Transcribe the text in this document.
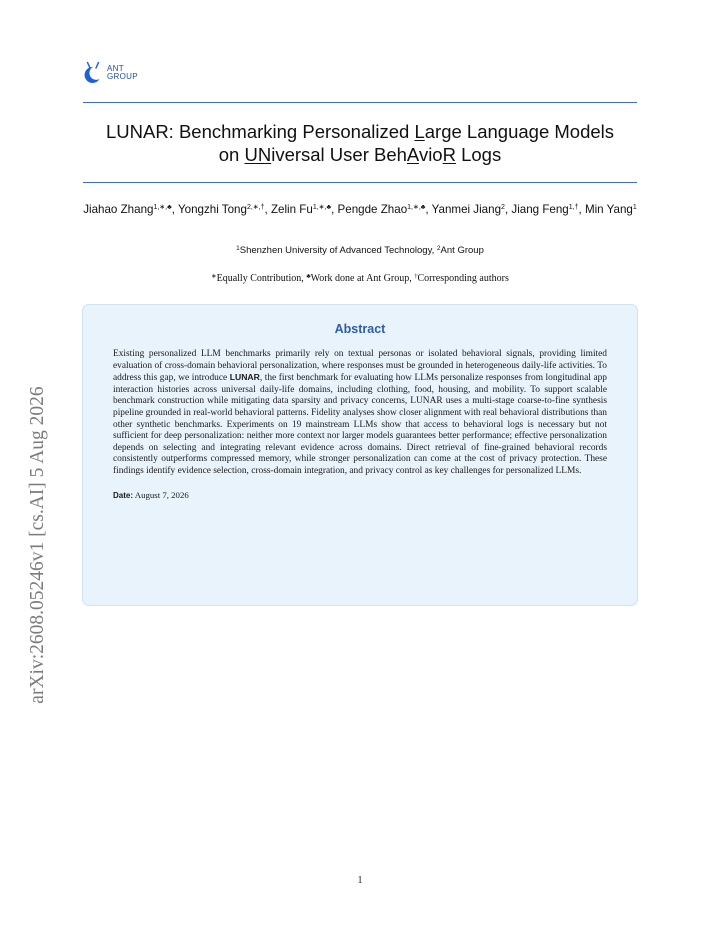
ANT
GROUP
LUNAR: Benchmarking Personalized Large Language Models
on UNiversal User BehAvioR Logs
Jiahao Zhang$^{1,∗,♣}$, Yongzhi Tong$^{2,∗,\dagger}$, Zelin $Fu^{1,∗,♣}$, Pengde Zhao$^{1,∗,♣}$, Yanmei Jiang$^2$, Jiang Feng$^{1,\dagger}$, Min Yang$^1$
$^1$Shenzhen University of Advanced Technology, $^2$Ant Group
∗Equally Contribution, ♣Work done at Ant Group, †Corresponding authors
Abstract
Existing personalized LLM benchmarks primarily rely on textual personas or isolated behavioral signals, providing limited evaluation of cross-domain behavioral personalization, where responses must be grounded in heterogeneous daily-life activities. To address this gap, we introduce LUNAR, the first benchmark for evaluating how LLMs personalize responses from longitudinal app interaction histories across universal daily-life domains, including clothing, food, housing, and mobility. To support scalable benchmark construction while mitigating data sparsity and privacy concerns, LUNAR uses a multi-stage coarse-to-fine synthesis pipeline grounded in real-world behavioral patterns. Fidelity analyses show closer alignment with real behavioral distributions than other synthetic benchmarks. Experiments on 19 mainstream LLMs show that access to behavioral logs is necessary but not sufficient for deep personalization: neither more context nor larger models guarantees better performance; effective personalization depends on selecting and integrating relevant evidence across domains. Direct retrieval of fine-grained behavioral records consistently outperforms compressed memory, while stronger personalization can come at the cost of privacy protection. These findings identify evidence selection, cross-domain integration, and privacy control as key challenges for personalized LLMs.
Date: August 7, 2026
arXiv:2608.05246v1 [cs.AI] 5 Aug 2026
1
